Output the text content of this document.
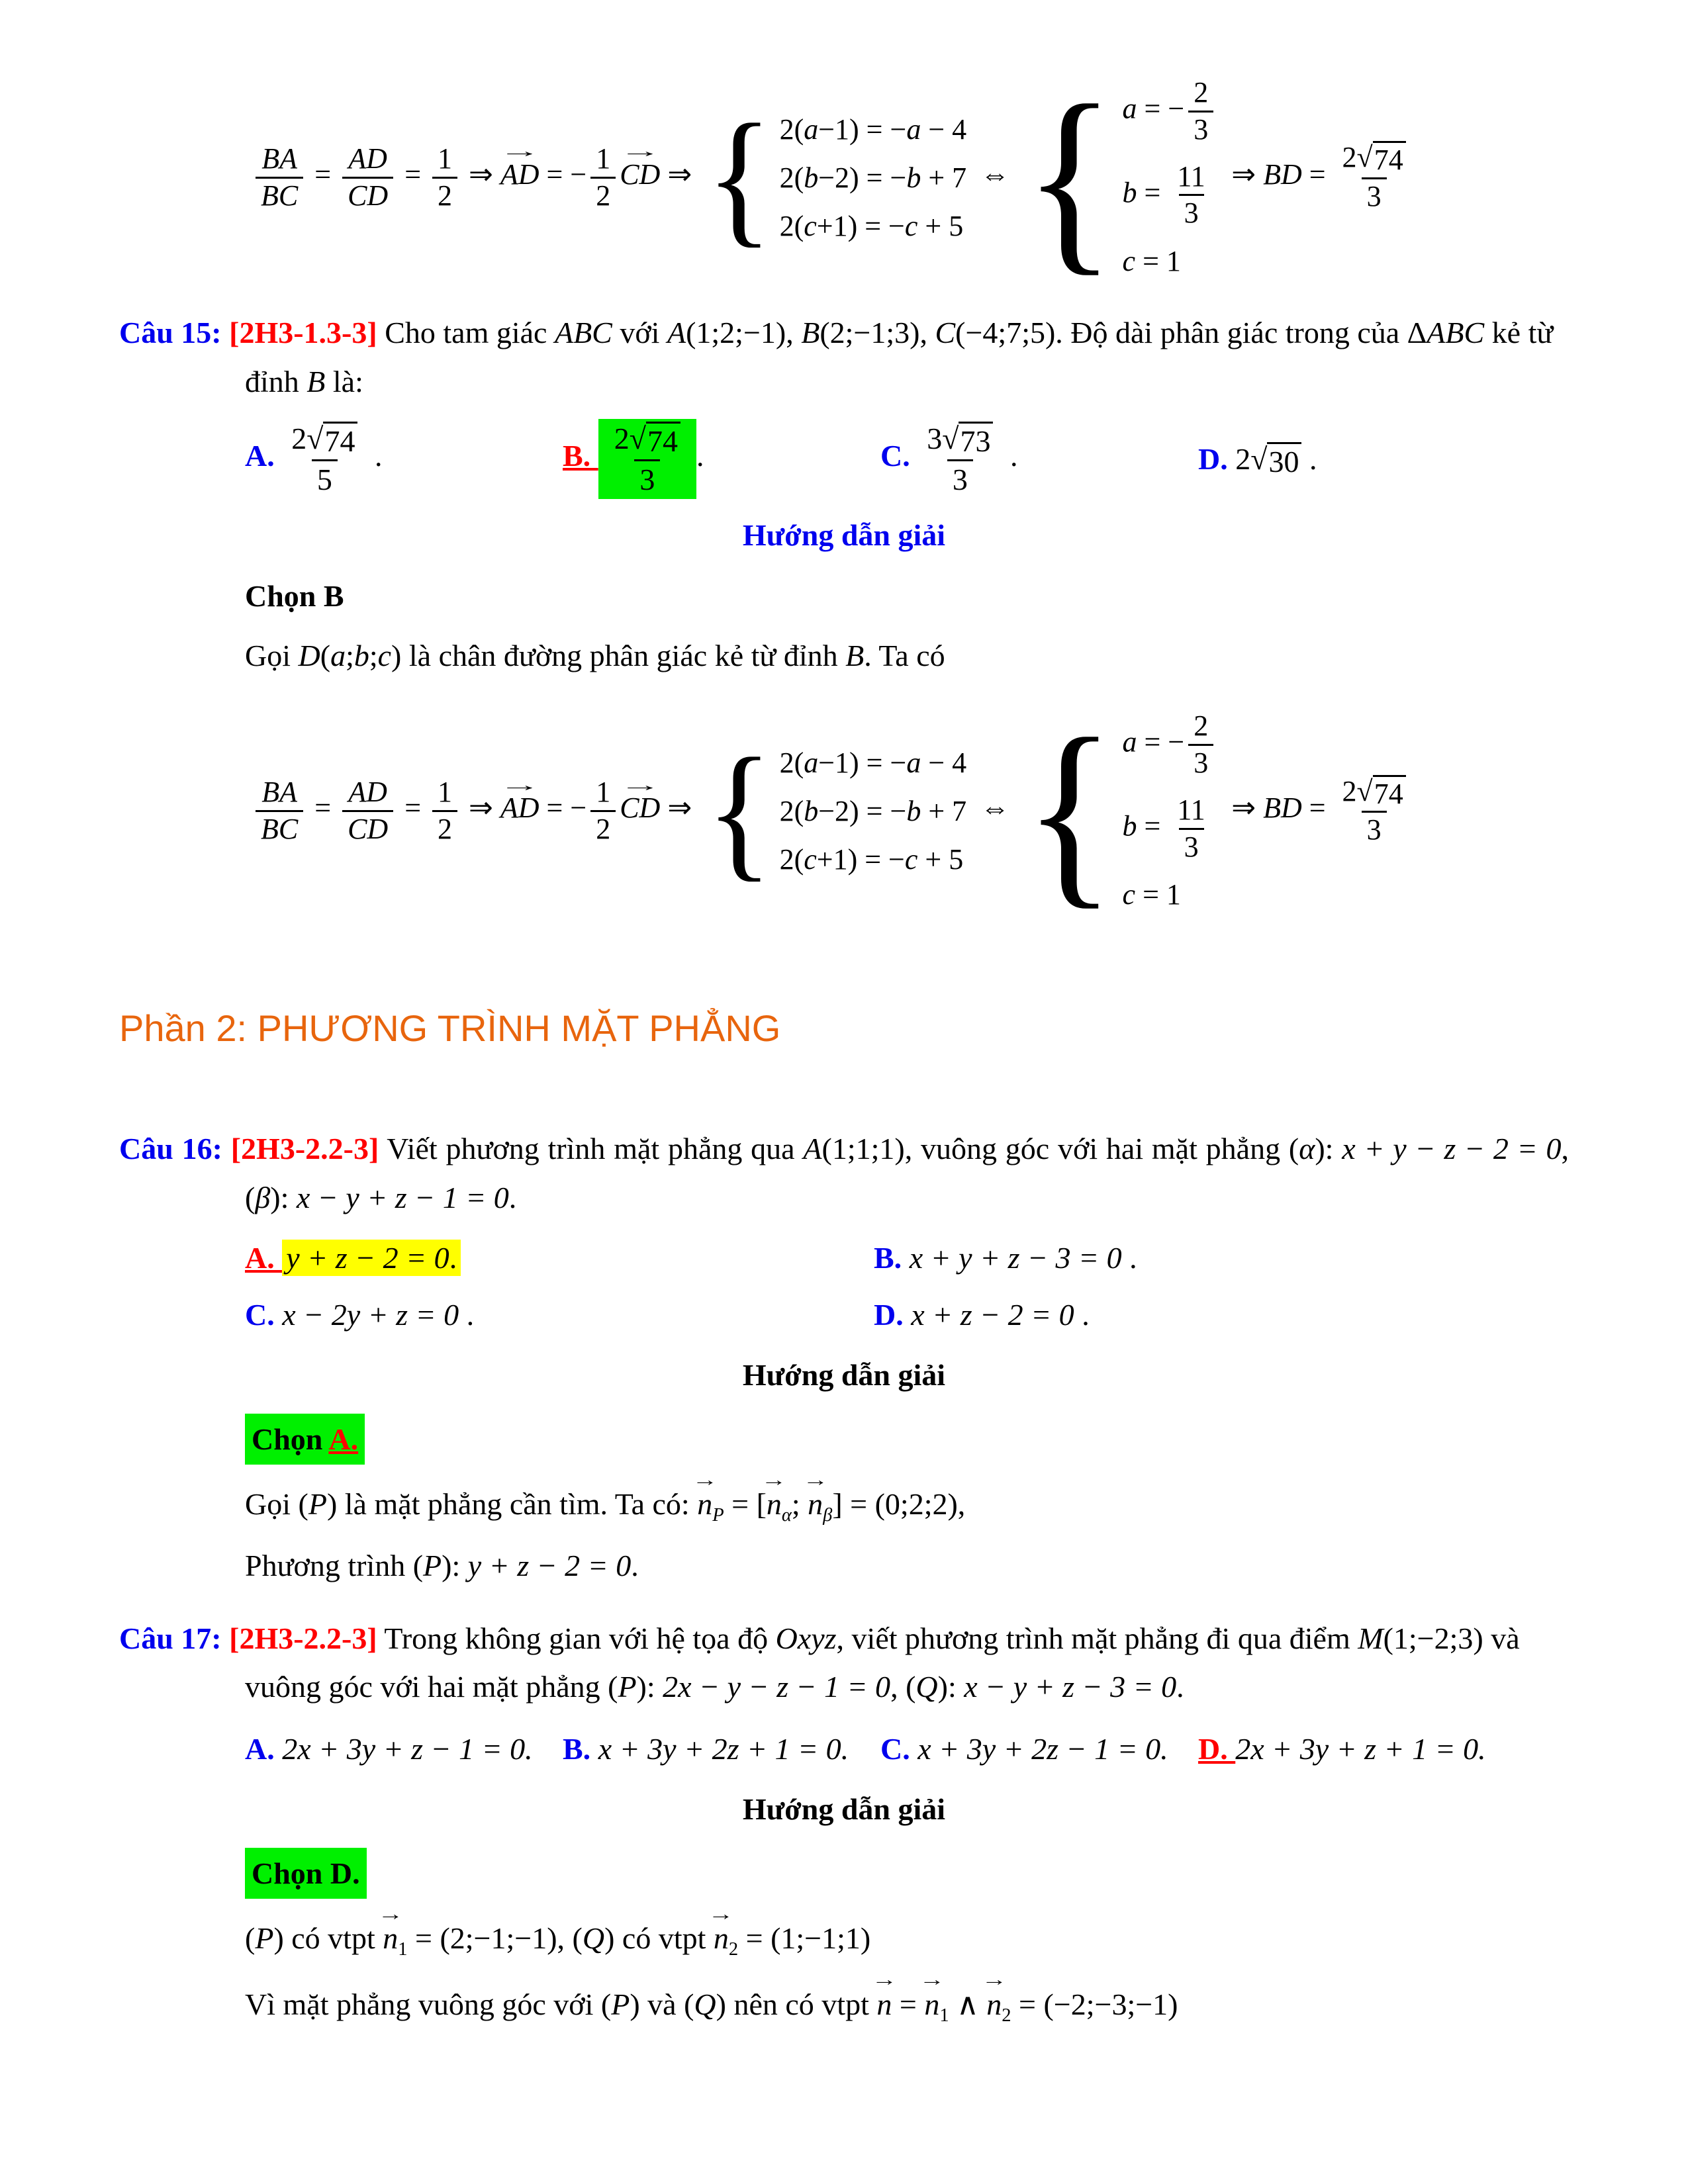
$\frac{BA}{BC} = \frac{AD}{CD} = \frac{1}{2}$ ⇒
→
AD = − $\frac{1}{2}$ →
CD ⇒ { 2(a−1) = −a − 4
2(b−2) = −b + 7
2(c+1) = −c + 5
⇔ { a = − $\frac{2}{3}$
$b = \frac{11}{3}$
c = 1
⇒ BD = $\frac{2 √ 74}{3}$

Câu 15: [2H3-1.3-3] Cho tam giác ABC với A(1;2;−1), B(2;−1;3), C(−4;7;5). Độ dài phân giác trong của ΔABC kẻ từ đỉnh B là:

A. $\frac{2 √ 74}{5}$ .	B. $\frac{2 √ 74}{3}$ .	C. $\frac{3 √ 73}{3}$ .	D. 2 √ 30 .

Hướng dẫn giải

Chọn B

Gọi D(a;b;c) là chân đường phân giác kẻ từ đỉnh B. Ta có

$\frac{BA}{BC} = \frac{AD}{CD} = \frac{1}{2}$ ⇒
→
AD = − $\frac{1}{2}$ →
CD ⇒ { 2(a−1) = −a − 4
2(b−2) = −b + 7
2(c+1) = −c + 5
⇔ { a = − $\frac{2}{3}$
$b = \frac{11}{3}$
c = 1
⇒ BD = $\frac{2 √ 74}{3}$
Phần 2: PHƯƠNG TRÌNH MẶT PHẲNG

Câu 16: [2H3-2.2-3] Viết phương trình mặt phẳng qua A(1;1;1), vuông góc với hai mặt phẳng (α): x + y − z − 2 = 0, (β): x − y + z − 1 = 0.

A. y + z − 2 = 0.	B. x + y + z − 3 = 0 .
C. x − 2y + z = 0 .	D. x + z − 2 = 0 .

Hướng dẫn giải

Chọn A.

Gọi (P) là mặt phẳng cần tìm. Ta có:
→
$n_P$ = [
→
$n_\alpha$;
→
$n_\beta$] = (0;2;2),

Phương trình (P): y + z − 2 = 0.

Câu 17: [2H3-2.2-3] Trong không gian với hệ tọa độ Oxyz, viết phương trình mặt phẳng đi qua điểm M(1;−2;3) và vuông góc với hai mặt phẳng (P): 2x − y − z − 1 = 0, (Q): x − y + z − 3 = 0.

A. 2x + 3y + z − 1 = 0. B. x + 3y + 2z + 1 = 0.	C. x + 3y + 2z − 1 = 0. D. 2x + 3y + z + 1 = 0.

Hướng dẫn giải

Chọn D.

(P) có vtpt
→
$n_1$ = (2;−1;−1), (Q) có vtpt
→
$n_2$ = (1;−1;1)

Vì mặt phẳng vuông góc với (P) và (Q) nên có vtpt
→
n =
→
$n_1$ ∧
→
$n_2$ = (−2;−3;−1)
